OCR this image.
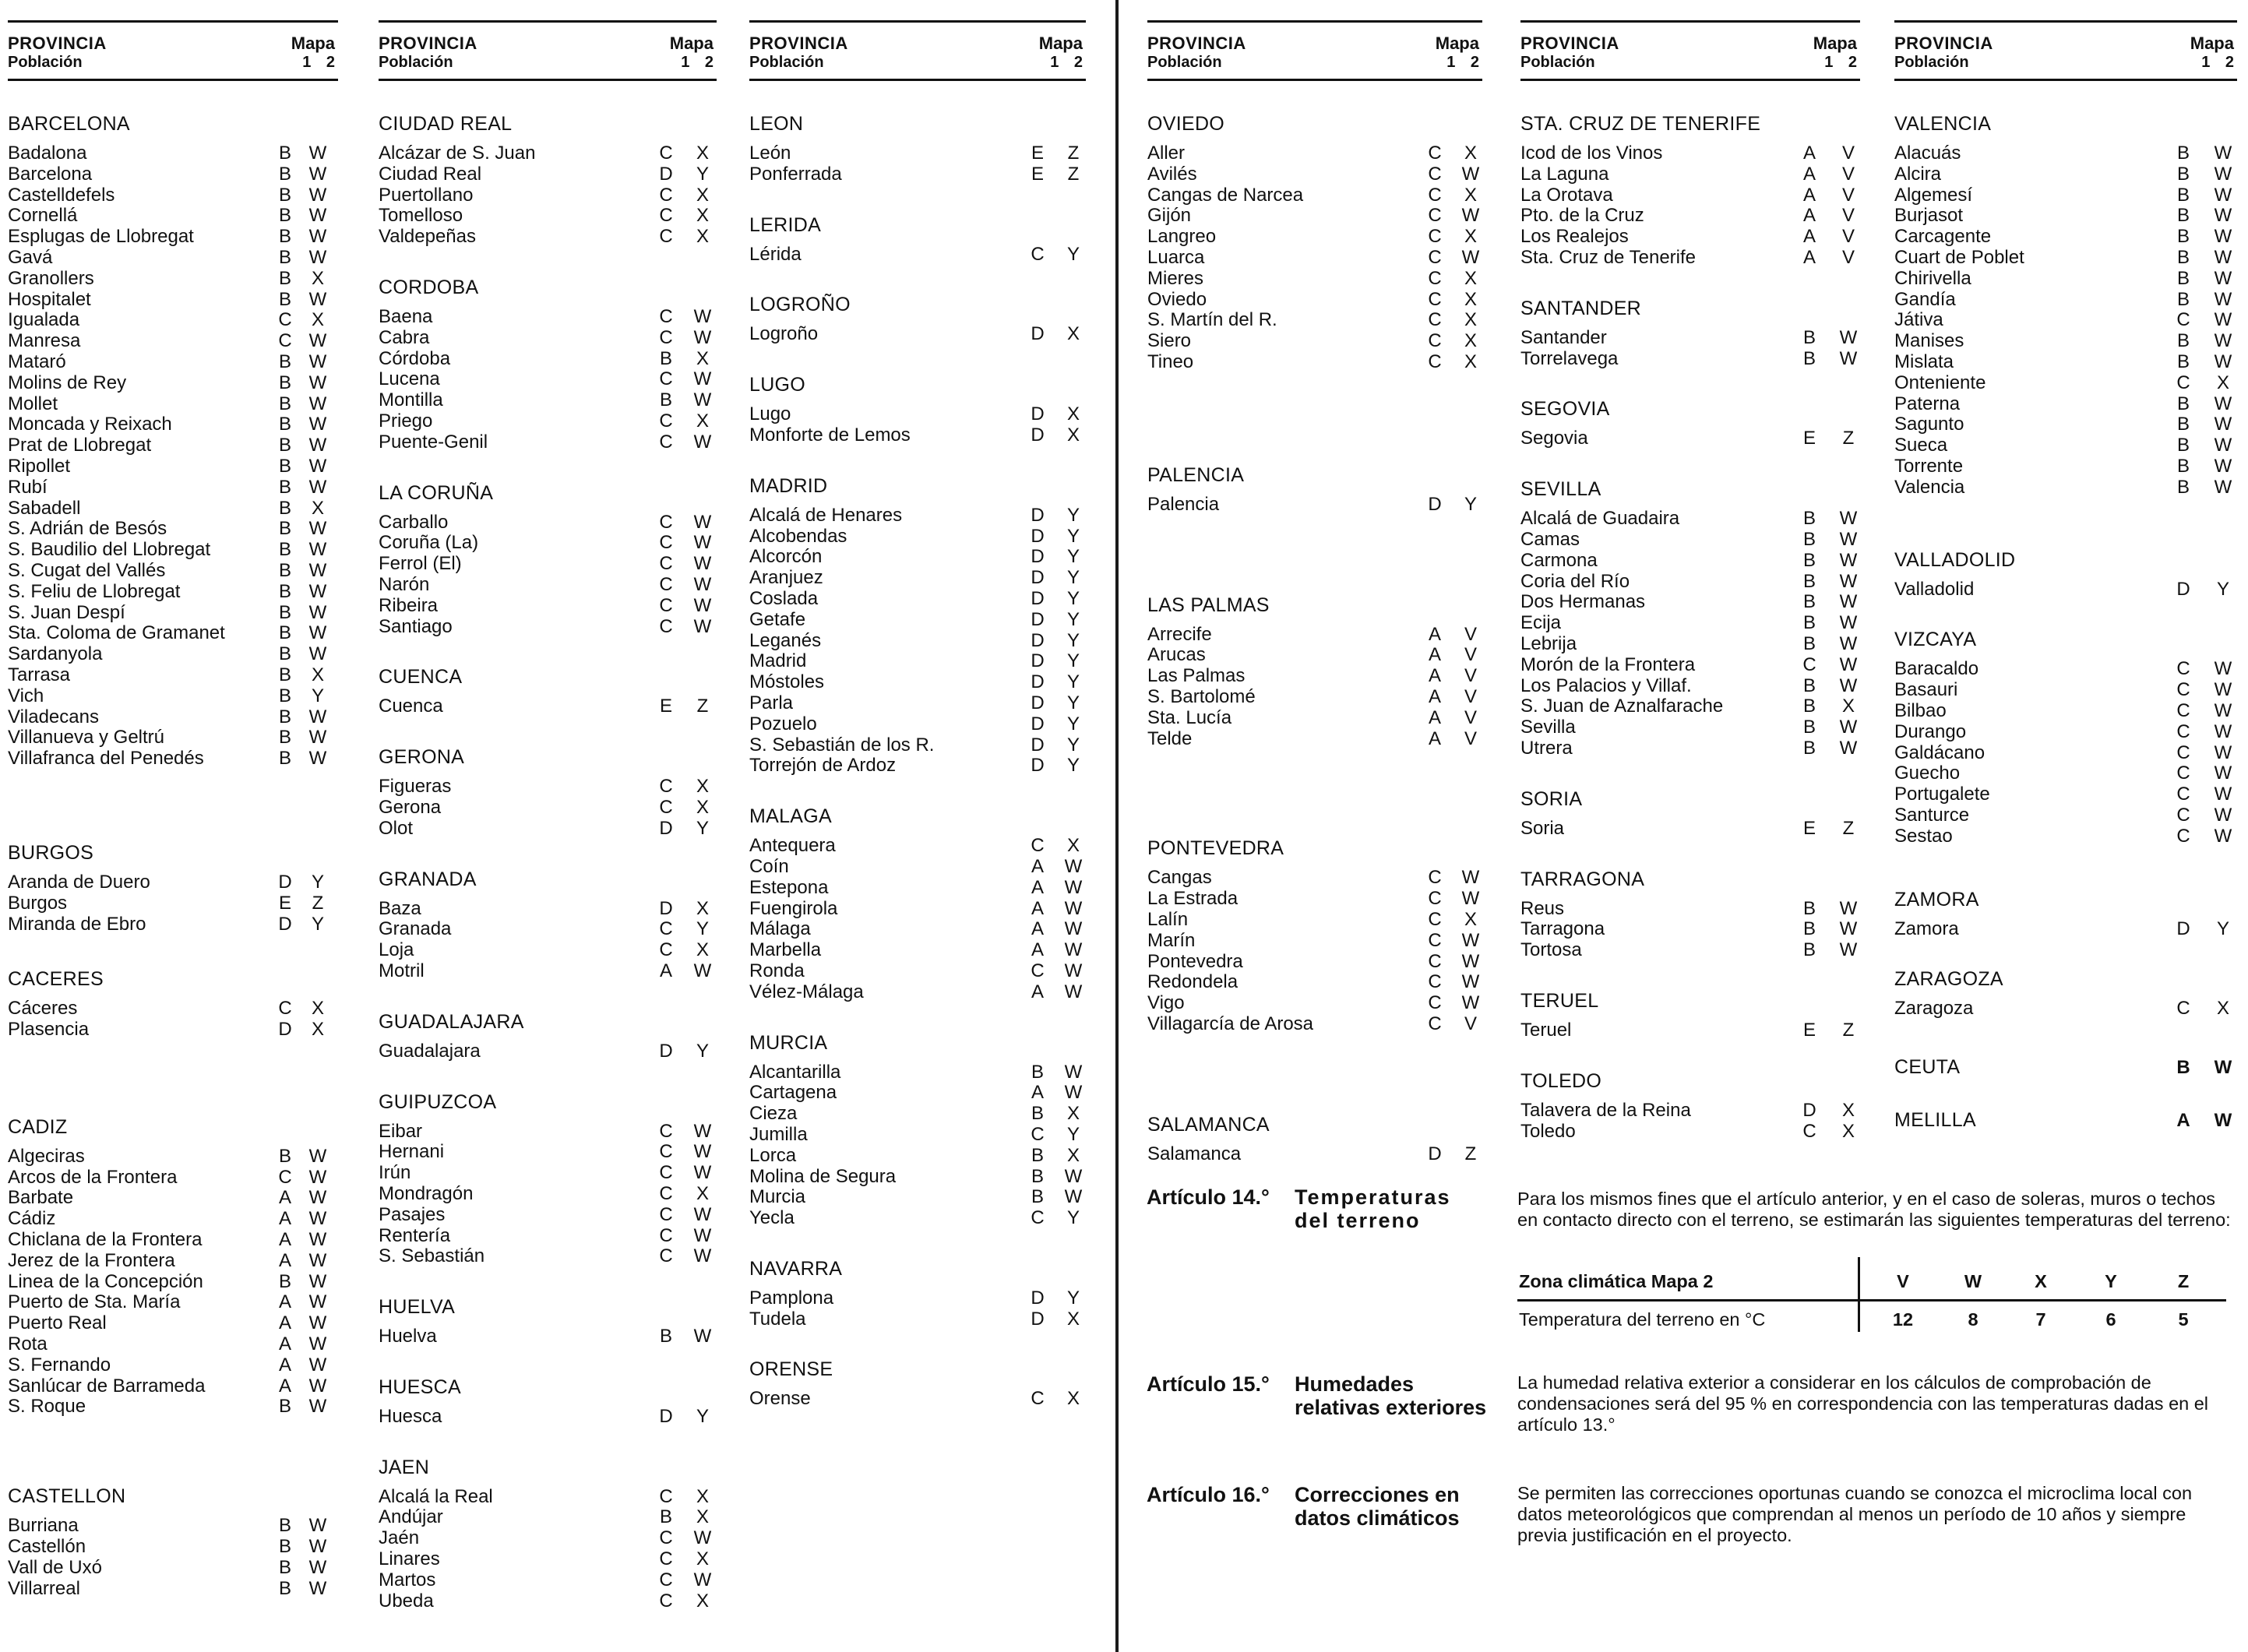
PROVINCIA
Población
Mapa
1 2
BARCELONA
Badalona	B W
Barcelona	B W
Castelldefels	B W
Cornellá	B W
Esplugas de Llobregat	B W
Gavá	B W
Granollers	B X
Hospitalet	B W
Igualada	C X
Manresa	C W
Mataró	B W
Molins de Rey	B W
Mollet	B W
Moncada y Reixach	B W
Prat de Llobregat	B W
Ripollet	B W
Rubí	B W
Sabadell	B X
S. Adrián de Besós	B W
S. Baudilio del Llobregat	B W
S. Cugat del Vallés	B W
S. Feliu de Llobregat	B W
S. Juan Despí	B W
Sta. Coloma de Gramanet	B W
Sardanyola	B W
Tarrasa	B X
Vich	B Y
Viladecans	B W
Villanueva y Geltrú	B W
Villafranca del Penedés	B W
BURGOS
Aranda de Duero	D Y
Burgos	E Z
Miranda de Ebro	D Y
CACERES
Cáceres	C X
Plasencia	D X
CADIZ
Algeciras	B W
Arcos de la Frontera	C W
Barbate	A W
Cádiz	A W
Chiclana de la Frontera	A W
Jerez de la Frontera	A W
Linea de la Concepción	B W
Puerto de Sta. María	A W
Puerto Real	A W
Rota	A W
S. Fernando	A W
Sanlúcar de Barrameda	A W
S. Roque	B W
CASTELLON
Burriana	B W
Castellón	B W
Vall de Uxó	B W
Villarreal	B W
PROVINCIA
Población
Mapa
1 2
CIUDAD REAL
Alcázar de S. Juan	C X
Ciudad Real	D Y
Puertollano	C X
Tomelloso	C X
Valdepeñas	C X
CORDOBA
Baena	C W
Cabra	C W
Córdoba	B X
Lucena	C W
Montilla	B W
Priego	C X
Puente-Genil	C W
LA CORUÑA
Carballo	C W
Coruña (La)	C W
Ferrol (El)	C W
Narón	C W
Ribeira	C W
Santiago	C W
CUENCA
Cuenca	E Z
GERONA
Figueras	C X
Gerona	C X
Olot	D Y
GRANADA
Baza	D X
Granada	C Y
Loja	C X
Motril	A W
GUADALAJARA
Guadalajara	D Y
GUIPUZCOA
Eibar	C W
Hernani	C W
Irún	C W
Mondragón	C X
Pasajes	C W
Rentería	C W
S. Sebastián	C W
HUELVA
Huelva	B W
HUESCA
Huesca	D Y
JAEN
Alcalá la Real	C X
Andújar	B X
Jaén	C W
Linares	C X
Martos	C W
Ubeda	C X
PROVINCIA
Población
Mapa
1 2
LEON
León	E Z
Ponferrada	E Z
LERIDA
Lérida	C Y
LOGROÑO
Logroño	D X
LUGO
Lugo	D X
Monforte de Lemos	D X
MADRID
Alcalá de Henares	D Y
Alcobendas	D Y
Alcorcón	D Y
Aranjuez	D Y
Coslada	D Y
Getafe	D Y
Leganés	D Y
Madrid	D Y
Móstoles	D Y
Parla	D Y
Pozuelo	D Y
S. Sebastián de los R.	D Y
Torrejón de Ardoz	D Y
MALAGA
Antequera	C X
Coín	A W
Estepona	A W
Fuengirola	A W
Málaga	A W
Marbella	A W
Ronda	C W
Vélez-Málaga	A W
MURCIA
Alcantarilla	B W
Cartagena	A W
Cieza	B X
Jumilla	C Y
Lorca	B X
Molina de Segura	B W
Murcia	B W
Yecla	C Y
NAVARRA
Pamplona	D Y
Tudela	D X
ORENSE
Orense	C X
PROVINCIA
Población
Mapa
1 2
OVIEDO
Aller	C X
Avilés	C W
Cangas de Narcea	C X
Gijón	C W
Langreo	C X
Luarca	C W
Mieres	C X
Oviedo	C X
S. Martín del R.	C X
Siero	C X
Tineo	C X
PALENCIA
Palencia	D Y
LAS PALMAS
Arrecife	A V
Arucas	A V
Las Palmas	A V
S. Bartolomé	A V
Sta. Lucía	A V
Telde	A V
PONTEVEDRA
Cangas	C W
La Estrada	C W
Lalín	C X
Marín	C W
Pontevedra	C W
Redondela	C W
Vigo	C W
Villagarcía de Arosa	C V
SALAMANCA
Salamanca	D Z
PROVINCIA
Población
Mapa
1 2
STA. CRUZ DE TENERIFE
Icod de los Vinos	A V
La Laguna	A V
La Orotava	A V
Pto. de la Cruz	A V
Los Realejos	A V
Sta. Cruz de Tenerife	A V
SANTANDER
Santander	B W
Torrelavega	B W
SEGOVIA
Segovia	E Z
SEVILLA
Alcalá de Guadaira	B W
Camas	B W
Carmona	B W
Coria del Río	B W
Dos Hermanas	B W
Ecija	B W
Lebrija	B W
Morón de la Frontera	C W
Los Palacios y Villaf.	B W
S. Juan de Aznalfarache	B X
Sevilla	B W
Utrera	B W
SORIA
Soria	E Z
TARRAGONA
Reus	B W
Tarragona	B W
Tortosa	B W
TERUEL
Teruel	E Z
TOLEDO
Talavera de la Reina	D X
Toledo	C X
PROVINCIA
Población
Mapa
1 2
VALENCIA
Alacuás	B W
Alcira	B W
Algemesí	B W
Burjasot	B W
Carcagente	B W
Cuart de Poblet	B W
Chirivella	B W
Gandía	B W
Játiva	C W
Manises	B W
Mislata	B W
Onteniente	C X
Paterna	B W
Sagunto	B W
Sueca	B W
Torrente	B W
Valencia	B W
VALLADOLID
Valladolid	D Y
VIZCAYA
Baracaldo	C W
Basauri	C W
Bilbao	C W
Durango	C W
Galdácano	C W
Guecho	C W
Portugalete	C W
Santurce	C W
Sestao	C W
ZAMORA
Zamora	D Y
ZARAGOZA
Zaragoza	C X
CEUTA	B W
MELILLA	A W
Artículo 14.° Temperaturas
del terreno
Para los mismos fines que el artículo anterior, y en el caso de soleras, muros o techos en contacto directo con el terreno, se estimarán las siguientes temperaturas del terreno:
Zona climática Mapa 2	V	W	X	Y	Z
Temperatura del terreno en °C	12	8	7	6	5
Artículo 15.° Humedades relativas exteriores
La humedad relativa exterior a considerar en los cálculos de comprobación de condensaciones será del 95 % en correspondencia con las temperaturas dadas en el artículo 13.°
Artículo 16.° Correcciones en datos climáticos
Se permiten las correcciones oportunas cuando se conozca el microclima local con datos meteorológicos que comprendan al menos un período de 10 años y siempre previa justificación en el proyecto.
